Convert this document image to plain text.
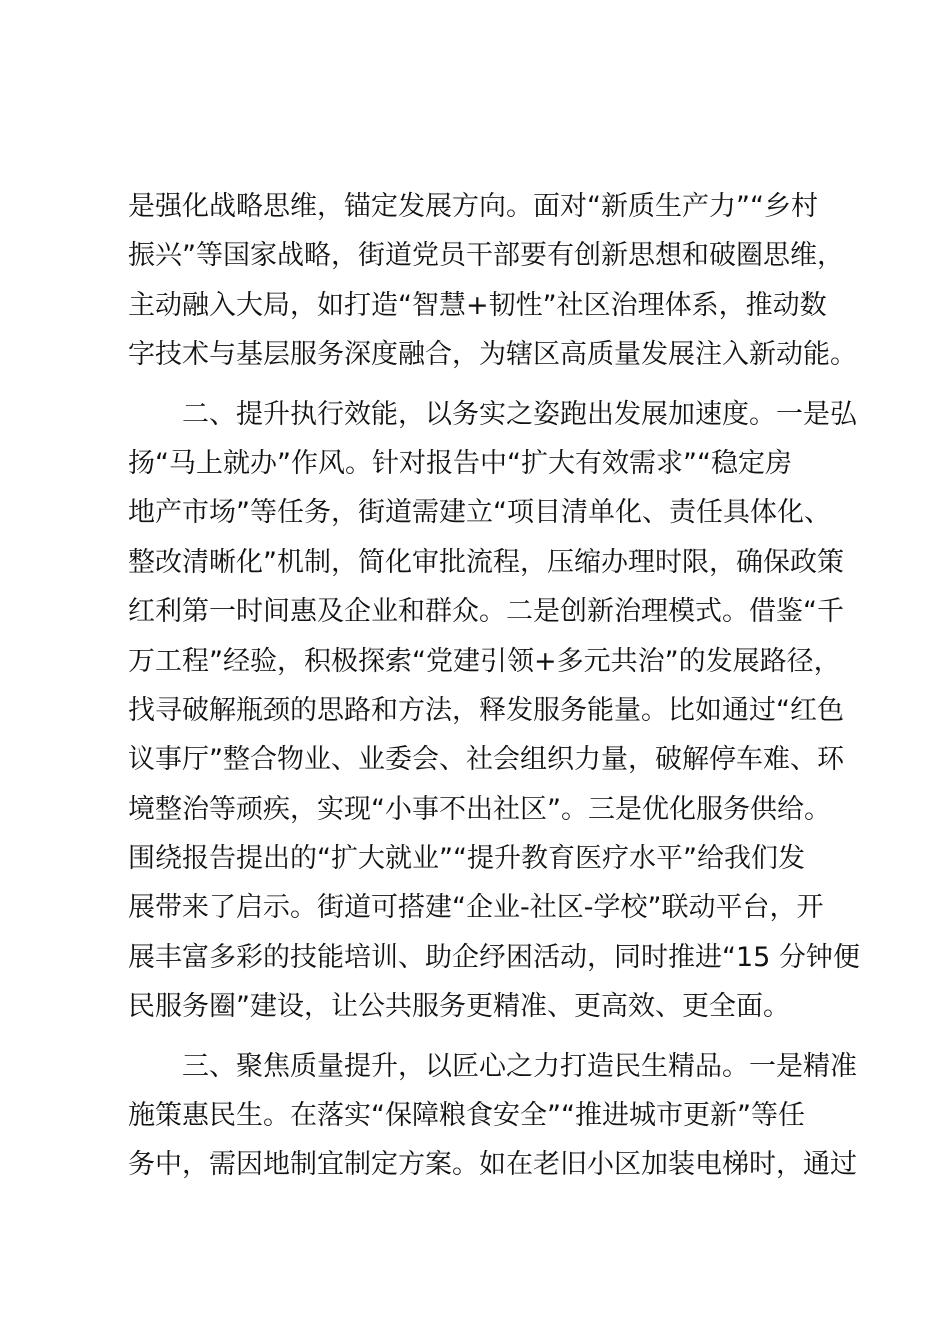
是强化战略思维，锚定发展方向。面对“新质生产力”“乡村
振兴”等国家战略，街道党员干部要有创新思想和破圈思维，
主动融入大局，如打造“智慧+韧性”社区治理体系，推动数
字技术与基层服务深度融合，为辖区高质量发展注入新动能。
　　二、提升执行效能，以务实之姿跑出发展加速度。一是弘
扬“马上就办”作风。针对报告中“扩大有效需求”“稳定房
地产市场”等任务，街道需建立“项目清单化、责任具体化、
整改清晰化”机制，简化审批流程，压缩办理时限，确保政策
红利第一时间惠及企业和群众。二是创新治理模式。借鉴“千
万工程”经验，积极探索“党建引领+多元共治”的发展路径，
找寻破解瓶颈的思路和方法，释发服务能量。比如通过“红色
议事厅”整合物业、业委会、社会组织力量，破解停车难、环
境整治等顽疾，实现“小事不出社区”。三是优化服务供给。
围绕报告提出的“扩大就业”“提升教育医疗水平”给我们发
展带来了启示。街道可搭建“企业-社区-学校”联动平台，开
展丰富多彩的技能培训、助企纾困活动，同时推进“15 分钟便
民服务圈”建设，让公共服务更精准、更高效、更全面。
　　三、聚焦质量提升，以匠心之力打造民生精品。一是精准
施策惠民生。在落实“保障粮食安全”“推进城市更新”等任
务中，需因地制宜制定方案。如在老旧小区加装电梯时，通过
